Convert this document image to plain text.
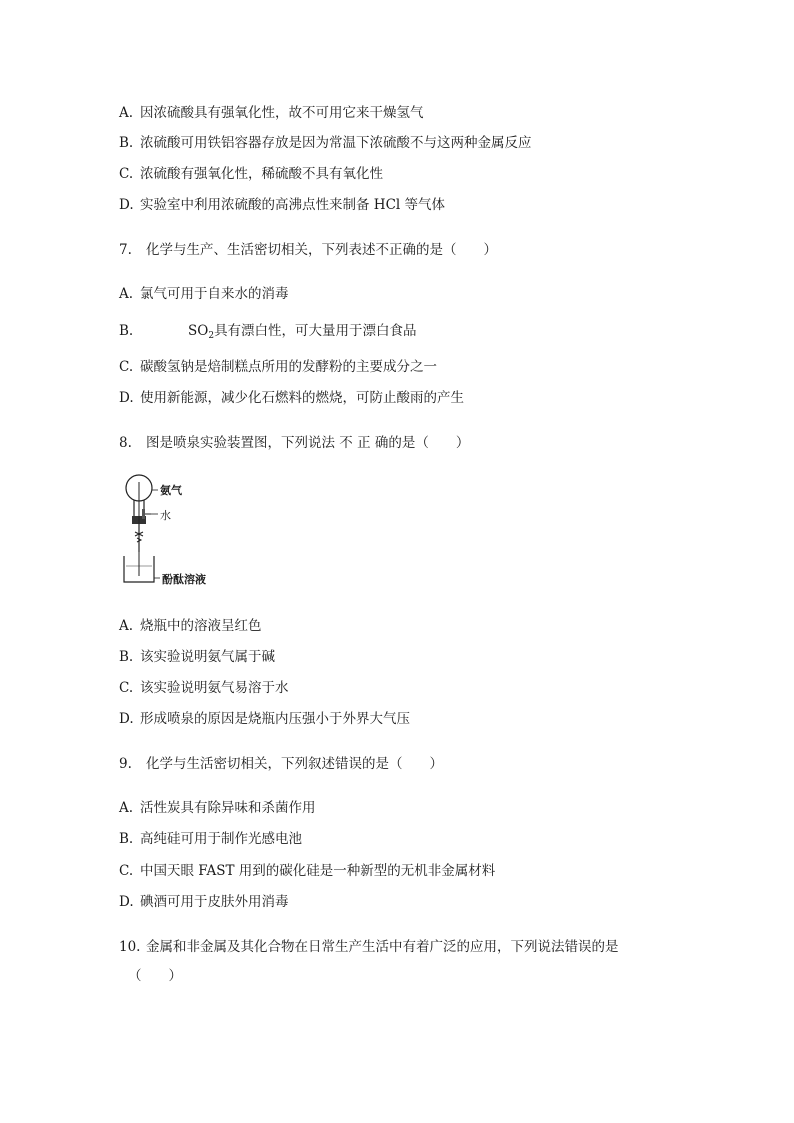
A. 因浓硫酸具有强氧化性，故不可用它来干燥氢气
B. 浓硫酸可用铁铝容器存放是因为常温下浓硫酸不与这两种金属反应
C. 浓硫酸有强氧化性，稀硫酸不具有氧化性
D. 实验室中利用浓硫酸的高沸点性来制备 HCl 等气体
7. 化学与生产、生活密切相关，下列表述不正确的是（　　）
A. 氯气可用于自来水的消毒
B.	$SO_2$具有漂白性，可大量用于漂白食品
C. 碳酸氢钠是焙制糕点所用的发酵粉的主要成分之一
D. 使用新能源，减少化石燃料的燃烧，可防止酸雨的产生
8. 图是喷泉实验装置图，下列说法 不 正 确的是（　　）
氨气
水
酚酞溶液
A. 烧瓶中的溶液呈红色
B. 该实验说明氨气属于碱
C. 该实验说明氨气易溶于水
D. 形成喷泉的原因是烧瓶内压强小于外界大气压
9. 化学与生活密切相关，下列叙述错误的是（　　）
A. 活性炭具有除异味和杀菌作用
B. 高纯硅可用于制作光感电池
C. 中国天眼 FAST 用到的碳化硅是一种新型的无机非金属材料
D. 碘酒可用于皮肤外用消毒
10. 金属和非金属及其化合物在日常生产生活中有着广泛的应用，下列说法错误的是
（　　）
